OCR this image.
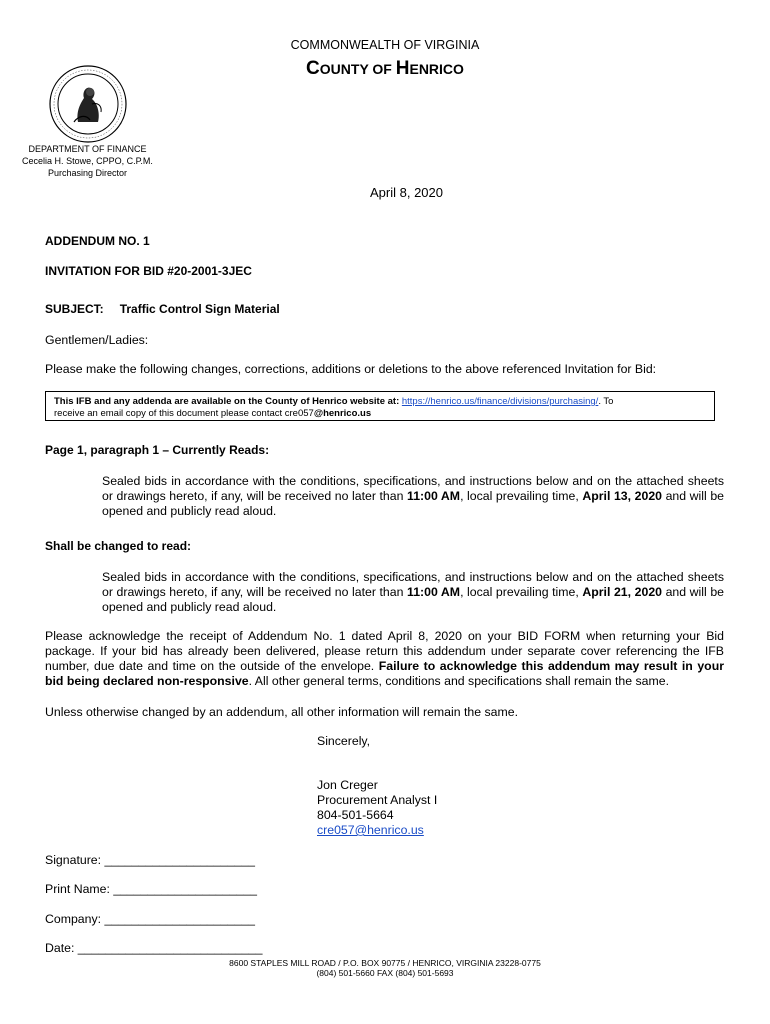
COMMONWEALTH OF VIRGINIA
COUNTY OF HENRICO
DEPARTMENT OF FINANCE
Cecelia H. Stowe, CPPO, C.P.M.
Purchasing Director
April 8, 2020
ADDENDUM NO. 1
INVITATION FOR BID #20-2001-3JEC
SUBJECT: Traffic Control Sign Material
Gentlemen/Ladies:
Please make the following changes, corrections, additions or deletions to the above referenced Invitation for Bid:
This IFB and any addenda are available on the County of Henrico website at: https://henrico.us/finance/divisions/purchasing/. To
receive an email copy of this document please contact cre057@henrico.us
Page 1, paragraph 1 – Currently Reads:
Sealed bids in accordance with the conditions, specifications, and instructions below and on the attached sheets or drawings hereto, if any, will be received no later than 11:00 AM, local prevailing time, April 13, 2020 and will be opened and publicly read aloud.
Shall be changed to read:
Sealed bids in accordance with the conditions, specifications, and instructions below and on the attached sheets or drawings hereto, if any, will be received no later than 11:00 AM, local prevailing time, April 21, 2020 and will be opened and publicly read aloud.
Please acknowledge the receipt of Addendum No. 1 dated April 8, 2020 on your BID FORM when returning your Bid package. If your bid has already been delivered, please return this addendum under separate cover referencing the IFB number, due date and time on the outside of the envelope. Failure to acknowledge this addendum may result in your bid being declared non-responsive. All other general terms, conditions and specifications shall remain the same.
Unless otherwise changed by an addendum, all other information will remain the same.
Sincerely,
Jon Creger
Procurement Analyst I
804-501-5664
cre057@henrico.us
Signature: ______________________
Print Name: _____________________
Company: ______________________
Date: ___________________________
8600 STAPLES MILL ROAD / P.O. BOX 90775 / HENRICO, VIRGINIA 23228-0775
(804) 501-5660 FAX (804) 501-5693
